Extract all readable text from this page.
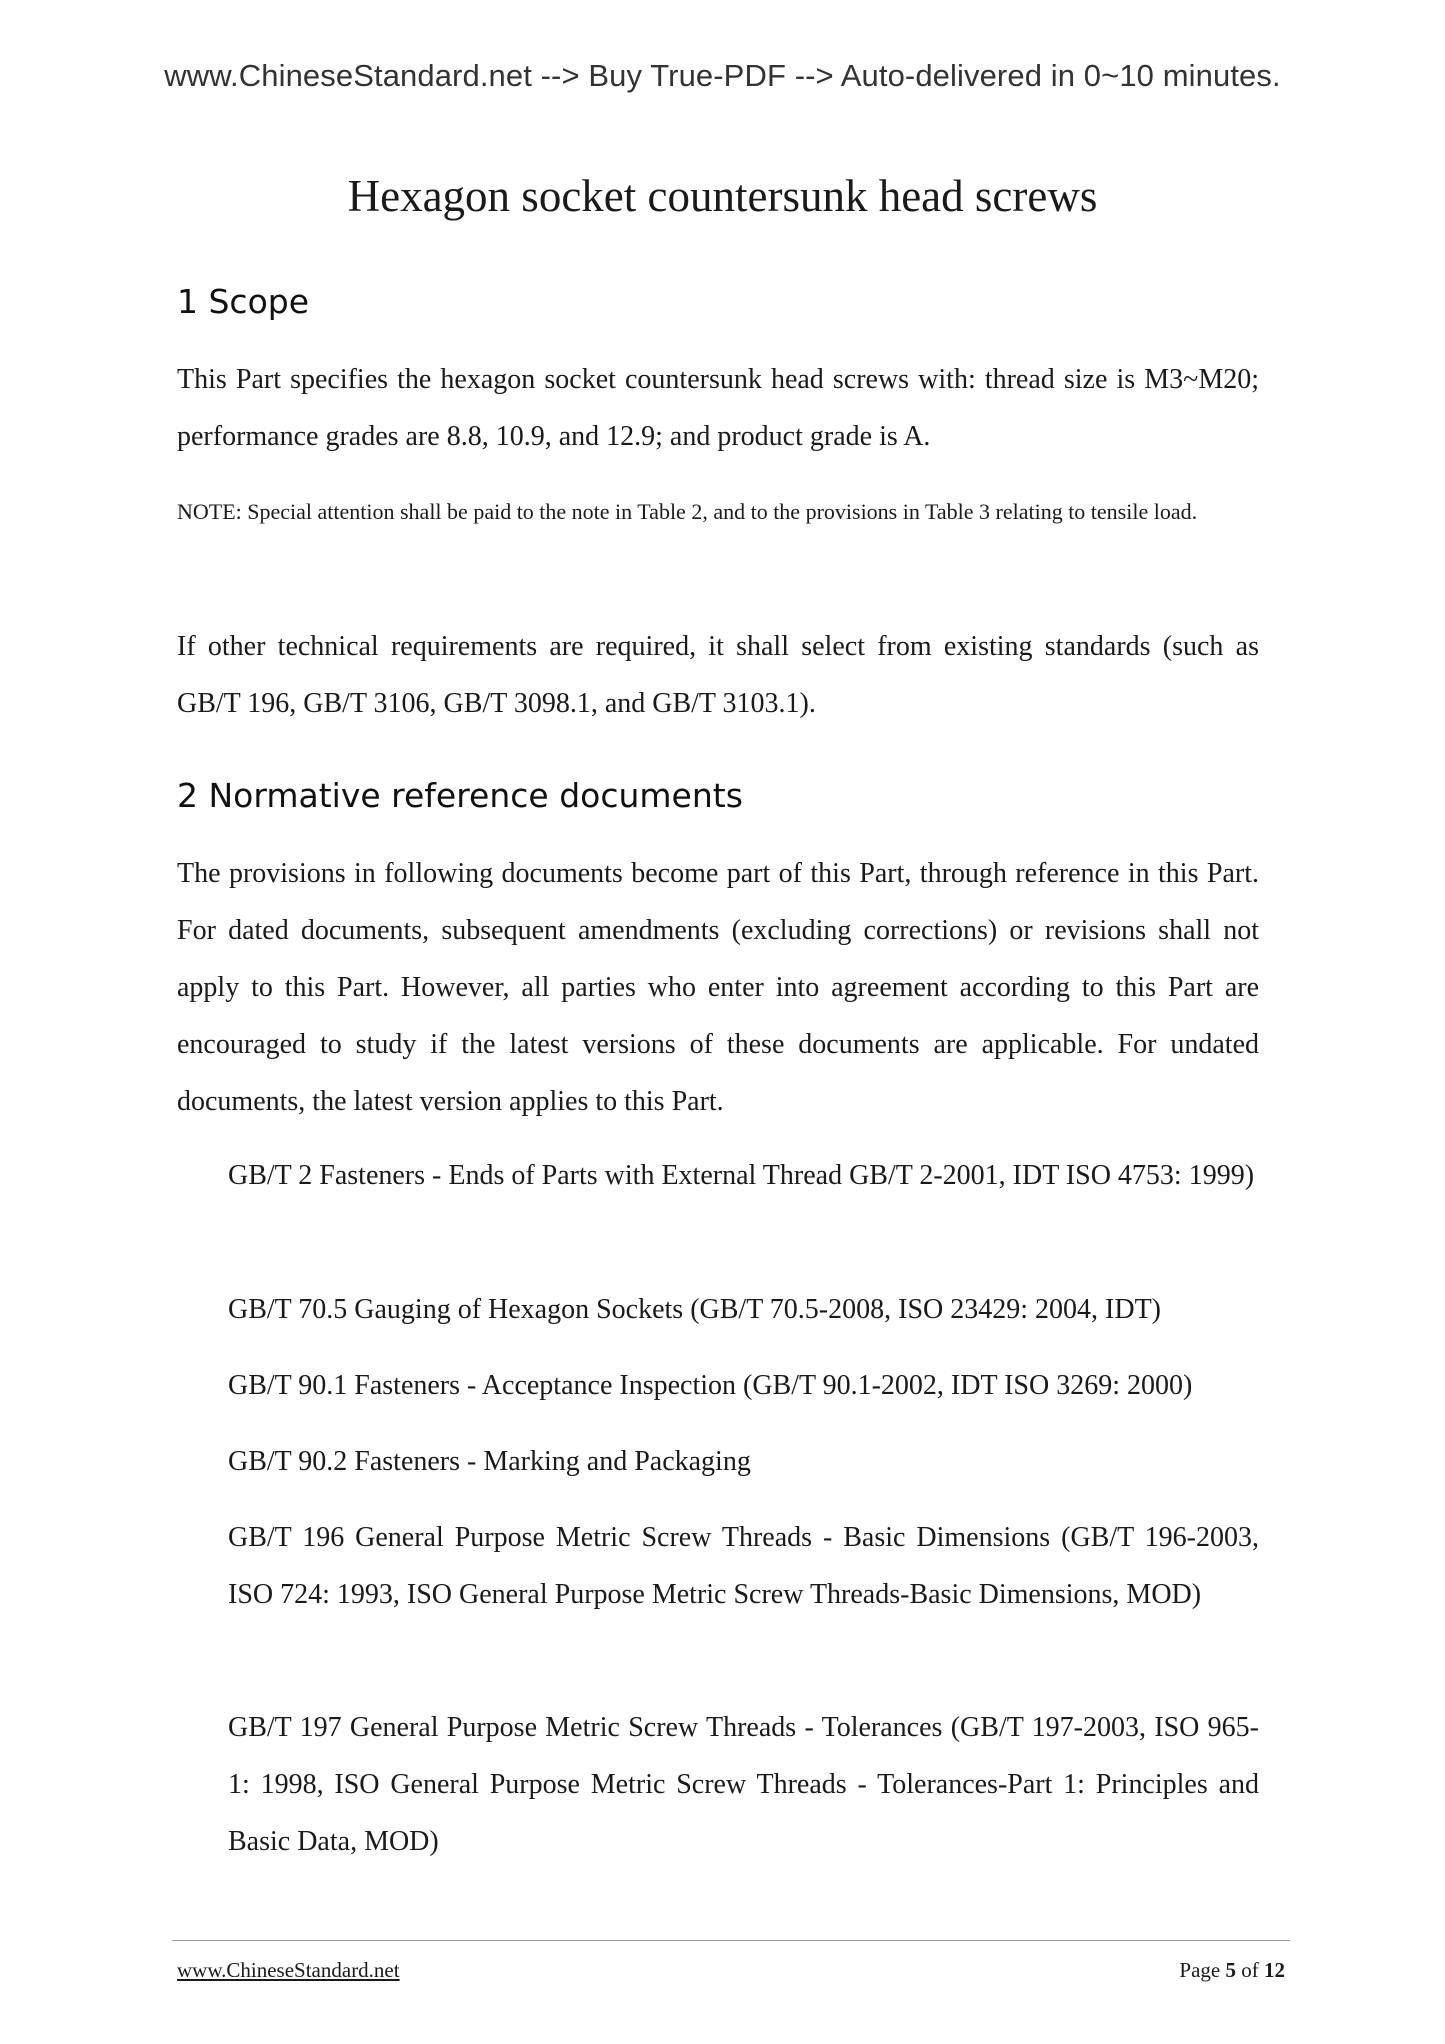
www.ChineseStandard.net --> Buy True-PDF --> Auto-delivered in 0~10 minutes.
Hexagon socket countersunk head screws
1 Scope
This Part specifies the hexagon socket countersunk head screws with: thread size is M3~M20; performance grades are 8.8, 10.9, and 12.9; and product grade is A.
NOTE: Special attention shall be paid to the note in Table 2, and to the provisions in Table 3 relating to tensile load.
If other technical requirements are required, it shall select from existing standards (such as GB/T 196, GB/T 3106, GB/T 3098.1, and GB/T 3103.1).
2 Normative reference documents
The provisions in following documents become part of this Part, through reference in this Part. For dated documents, subsequent amendments (excluding corrections) or revisions shall not apply to this Part. However, all parties who enter into agreement according to this Part are encouraged to study if the latest versions of these documents are applicable. For undated documents, the latest version applies to this Part.
GB/T 2 Fasteners - Ends of Parts with External Thread GB/T 2-2001, IDT ISO 4753: 1999)
GB/T 70.5 Gauging of Hexagon Sockets (GB/T 70.5-2008, ISO 23429: 2004, IDT)
GB/T 90.1 Fasteners - Acceptance Inspection (GB/T 90.1-2002, IDT ISO 3269: 2000)
GB/T 90.2 Fasteners - Marking and Packaging
GB/T 196 General Purpose Metric Screw Threads - Basic Dimensions (GB/T 196-2003, ISO 724: 1993, ISO General Purpose Metric Screw Threads-Basic Dimensions, MOD)
GB/T 197 General Purpose Metric Screw Threads - Tolerances (GB/T 197-2003, ISO 965-1: 1998, ISO General Purpose Metric Screw Threads - Tolerances-Part 1: Principles and Basic Data, MOD)
www.ChineseStandard.net	Page 5 of 12
